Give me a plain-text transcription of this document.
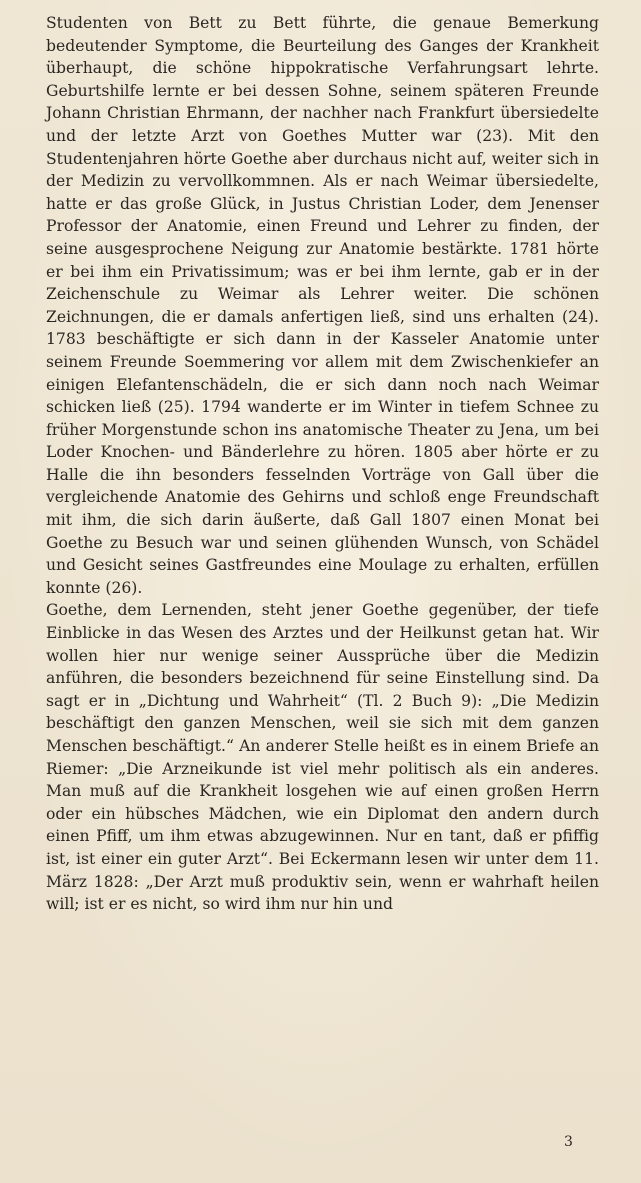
Studenten von Bett zu Bett führte, die genaue Bemerkung bedeutender Symptome, die Beurteilung des Ganges der Krankheit überhaupt, die schöne hippokratische Verfahrungsart lehrte. Geburtshilfe lernte er bei dessen Sohne, seinem späteren Freunde Johann Christian Ehrmann, der nachher nach Frankfurt übersiedelte und der letzte Arzt von Goethes Mutter war (23). Mit den Studentenjahren hörte Goethe aber durchaus nicht auf, weiter sich in der Medizin zu vervollkommnen. Als er nach Weimar übersiedelte, hatte er das große Glück, in Justus Christian Loder, dem Jenenser Professor der Anatomie, einen Freund und Lehrer zu finden, der seine ausgesprochene Neigung zur Anatomie bestärkte. 1781 hörte er bei ihm ein Privatissimum; was er bei ihm lernte, gab er in der Zeichenschule zu Weimar als Lehrer weiter. Die schönen Zeichnungen, die er damals anfertigen ließ, sind uns erhalten (24). 1783 beschäftigte er sich dann in der Kasseler Anatomie unter seinem Freunde Soemmering vor allem mit dem Zwischenkiefer an einigen Elefantenschädeln, die er sich dann noch nach Weimar schicken ließ (25). 1794 wanderte er im Winter in tiefem Schnee zu früher Morgenstunde schon ins anatomische Theater zu Jena, um bei Loder Knochen- und Bänderlehre zu hören. 1805 aber hörte er zu Halle die ihn besonders fesselnden Vorträge von Gall über die vergleichende Anatomie des Gehirns und schloß enge Freundschaft mit ihm, die sich darin äußerte, daß Gall 1807 einen Monat bei Goethe zu Besuch war und seinen glühenden Wunsch, von Schädel und Gesicht seines Gastfreundes eine Moulage zu erhalten, erfüllen konnte (26).

Goethe, dem Lernenden, steht jener Goethe gegenüber, der tiefe Einblicke in das Wesen des Arztes und der Heilkunst getan hat. Wir wollen hier nur wenige seiner Aussprüche über die Medizin anführen, die besonders bezeichnend für seine Einstellung sind. Da sagt er in „Dichtung und Wahrheit“ (Tl. 2 Buch 9): „Die Medizin beschäftigt den ganzen Menschen, weil sie sich mit dem ganzen Menschen beschäftigt.“ An anderer Stelle heißt es in einem Briefe an Riemer: „Die Arzneikunde ist viel mehr politisch als ein anderes. Man muß auf die Krankheit losgehen wie auf einen großen Herrn oder ein hübsches Mädchen, wie ein Diplomat den andern durch einen Pfiff, um ihm etwas abzugewinnen. Nur en tant, daß er pfiffig ist, ist einer ein guter Arzt“. Bei Eckermann lesen wir unter dem 11. März 1828: „Der Arzt muß produktiv sein, wenn er wahrhaft heilen will; ist er es nicht, so wird ihm nur hin und

3
